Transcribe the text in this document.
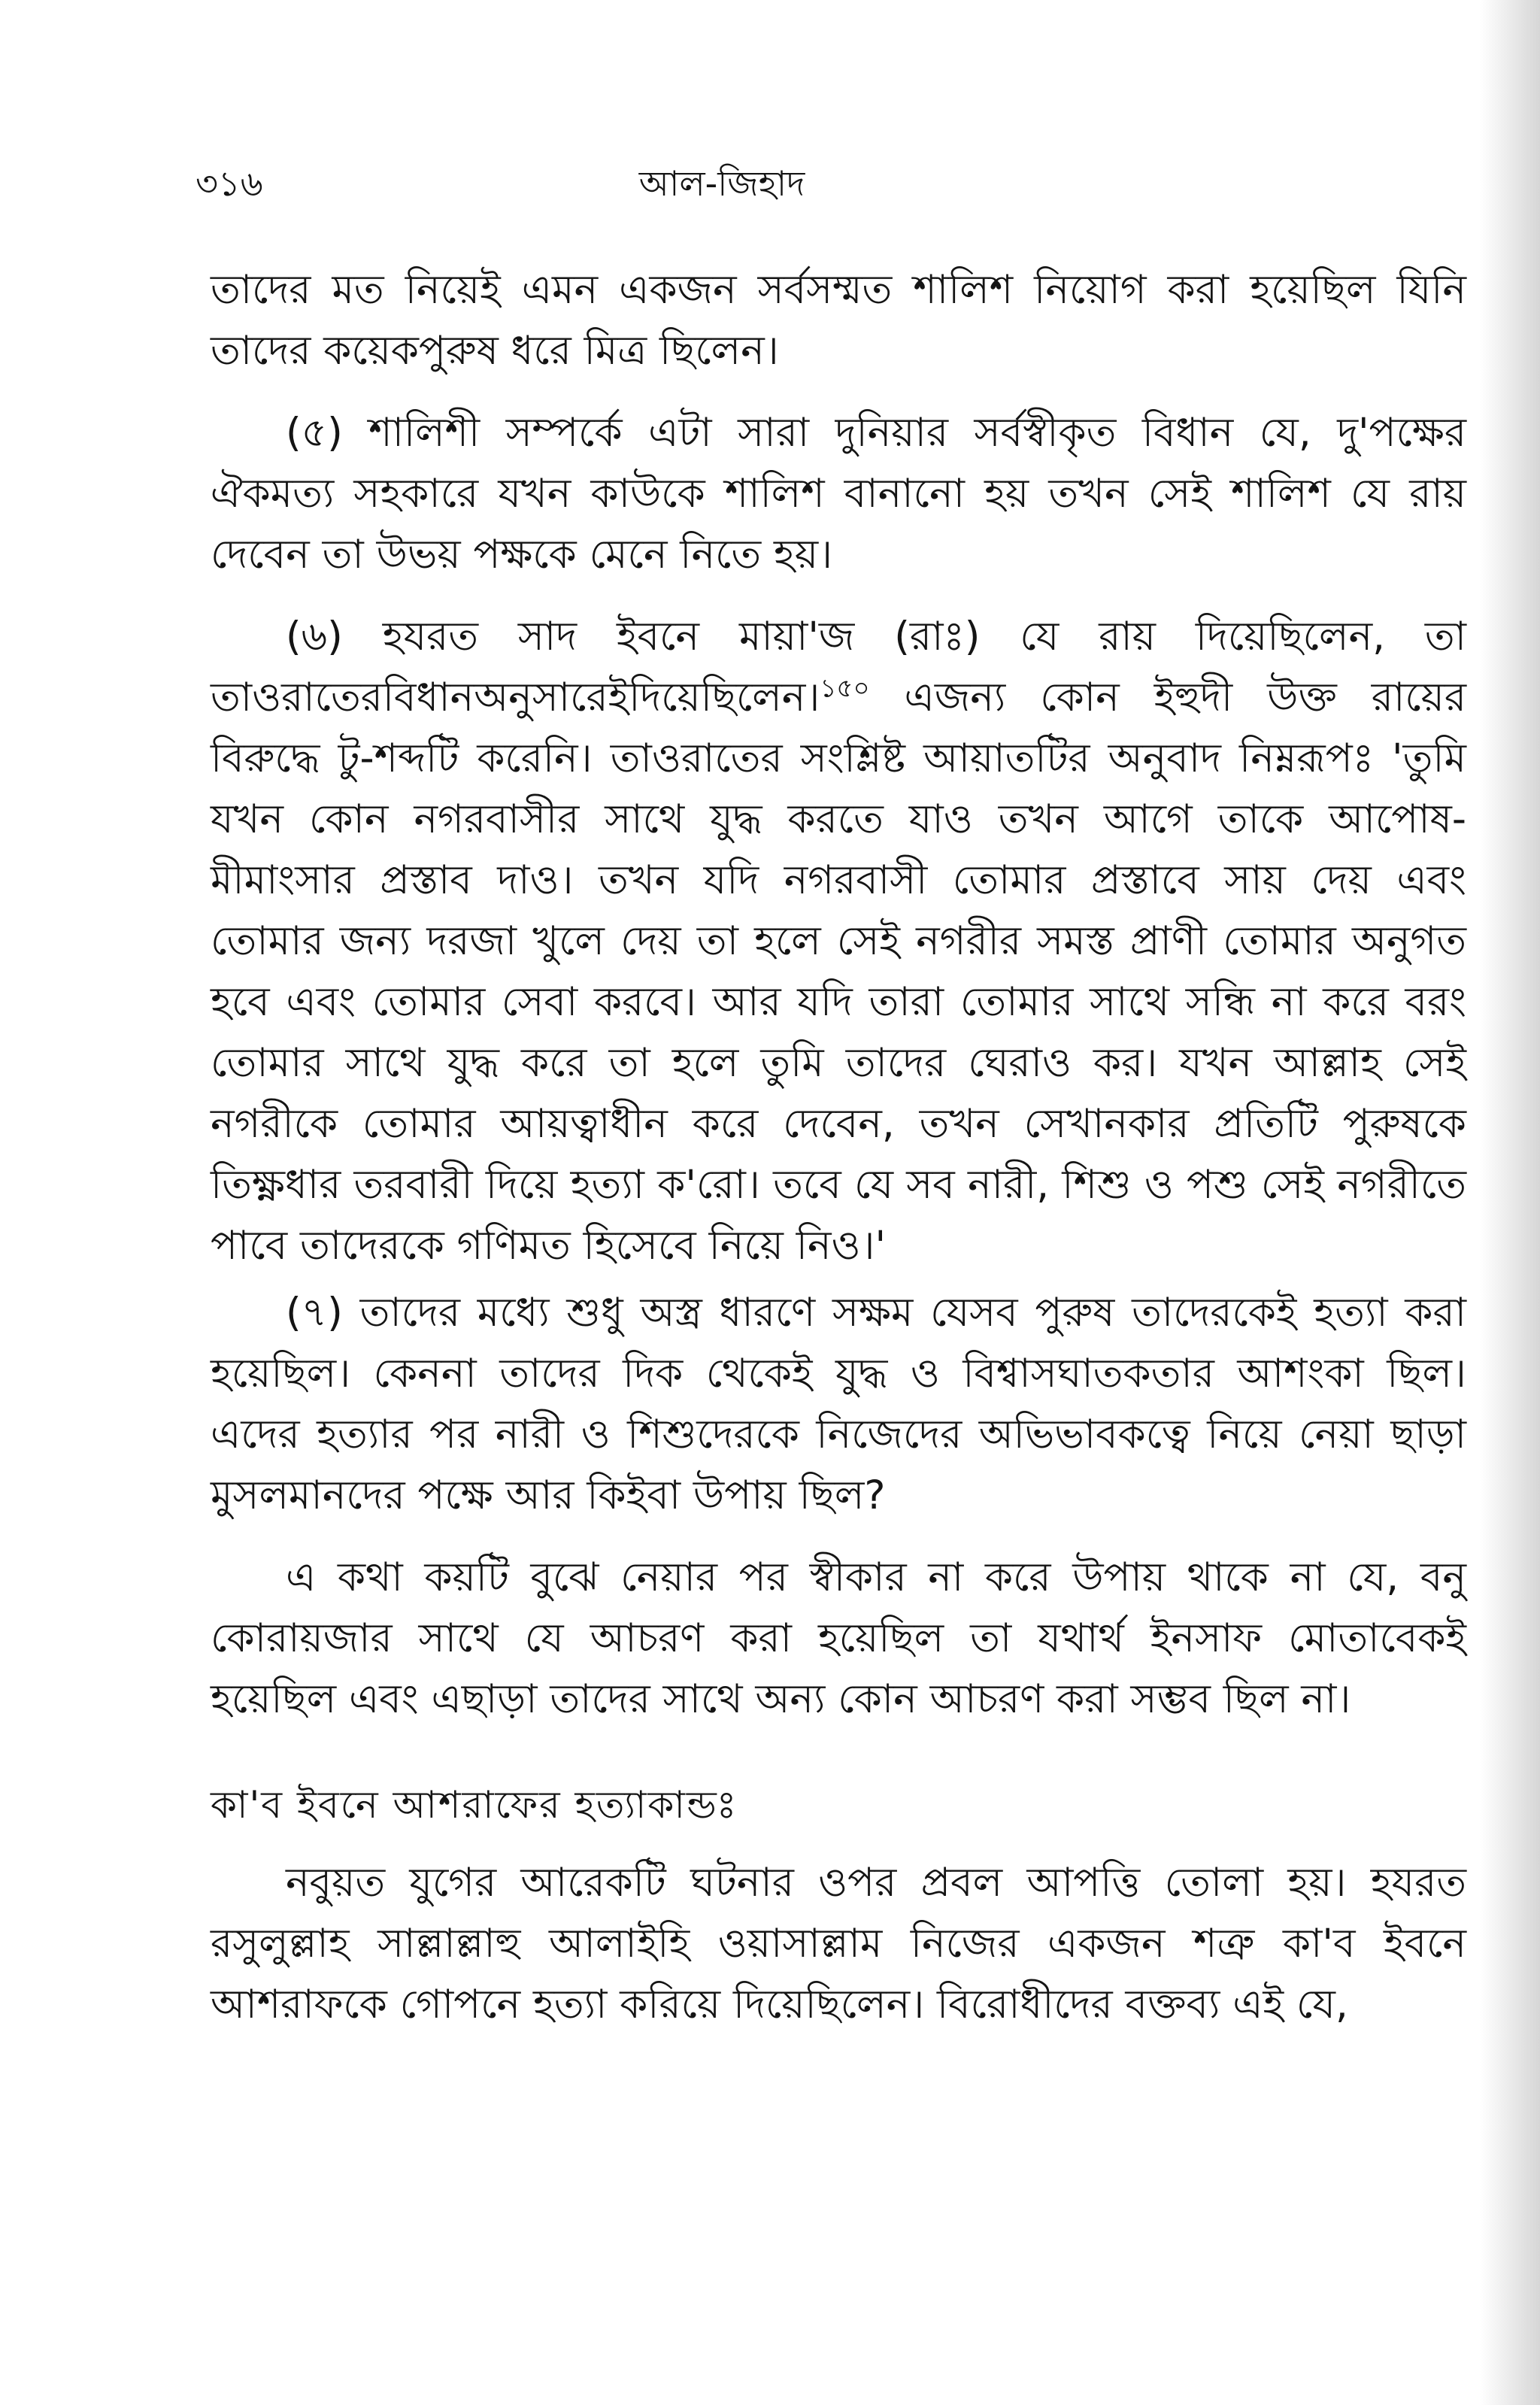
৩১৬	আল-জিহাদ

তাদের মত নিয়েই এমন একজন সর্বসম্মত শালিশ নিয়োগ করা হয়েছিল যিনি তাদের কয়েকপুরুষ ধরে মিত্র ছিলেন।

(৫) শালিশী সম্পর্কে এটা সারা দুনিয়ার সর্বস্বীকৃত বিধান যে, দু'পক্ষের ঐকমত্য সহকারে যখন কাউকে শালিশ বানানো হয় তখন সেই শালিশ যে রায় দেবেন তা উভয় পক্ষকে মেনে নিতে হয়।

(৬) হযরত সাদ ইবনে মায়া'জ (রাঃ) যে রায় দিয়েছিলেন, তা তাওরাতেরবিধানঅনুসারেইদিয়েছিলেন।$^{১৫০}$ এজন্য কোন ইহুদী উক্ত রায়ের বিরুদ্ধে টু-শব্দটি করেনি। তাওরাতের সংশ্লিষ্ট আয়াতটির অনুবাদ নিম্নরূপঃ 'তুমি যখন কোন নগরবাসীর সাথে যুদ্ধ করতে যাও তখন আগে তাকে আপোষ-মীমাংসার প্রস্তাব দাও। তখন যদি নগরবাসী তোমার প্রস্তাবে সায় দেয় এবং তোমার জন্য দরজা খুলে দেয় তা হলে সেই নগরীর সমস্ত প্রাণী তোমার অনুগত হবে এবং তোমার সেবা করবে। আর যদি তারা তোমার সাথে সন্ধি না করে বরং তোমার সাথে যুদ্ধ করে তা হলে তুমি তাদের ঘেরাও কর। যখন আল্লাহ সেই নগরীকে তোমার আয়ত্বাধীন করে দেবেন, তখন সেখানকার প্রতিটি পুরুষকে তিক্ষ্ণধার তরবারী দিয়ে হত্যা ক'রো। তবে যে সব নারী, শিশু ও পশু সেই নগরীতে পাবে তাদেরকে গণিমত হিসেবে নিয়ে নিও।'

(৭) তাদের মধ্যে শুধু অস্ত্র ধারণে সক্ষম যেসব পুরুষ তাদেরকেই হত্যা করা হয়েছিল। কেননা তাদের দিক থেকেই যুদ্ধ ও বিশ্বাসঘাতকতার আশংকা ছিল। এদের হত্যার পর নারী ও শিশুদেরকে নিজেদের অভিভাবকত্বে নিয়ে নেয়া ছাড়া মুসলমানদের পক্ষে আর কিইবা উপায় ছিল?

এ কথা কয়টি বুঝে নেয়ার পর স্বীকার না করে উপায় থাকে না যে, বনু কোরায়জার সাথে যে আচরণ করা হয়েছিল তা যথার্থ ইনসাফ মোতাবেকই হয়েছিল এবং এছাড়া তাদের সাথে অন্য কোন আচরণ করা সম্ভব ছিল না।

কা'ব ইবনে আশরাফের হত্যাকান্ডঃ

নবুয়ত যুগের আরেকটি ঘটনার ওপর প্রবল আপত্তি তোলা হয়। হযরত রসুলুল্লাহ সাল্লাল্লাহু আলাইহি ওয়াসাল্লাম নিজের একজন শত্রু কা'ব ইবনে আশরাফকে গোপনে হত্যা করিয়ে দিয়েছিলেন। বিরোধীদের বক্তব্য এই যে,
